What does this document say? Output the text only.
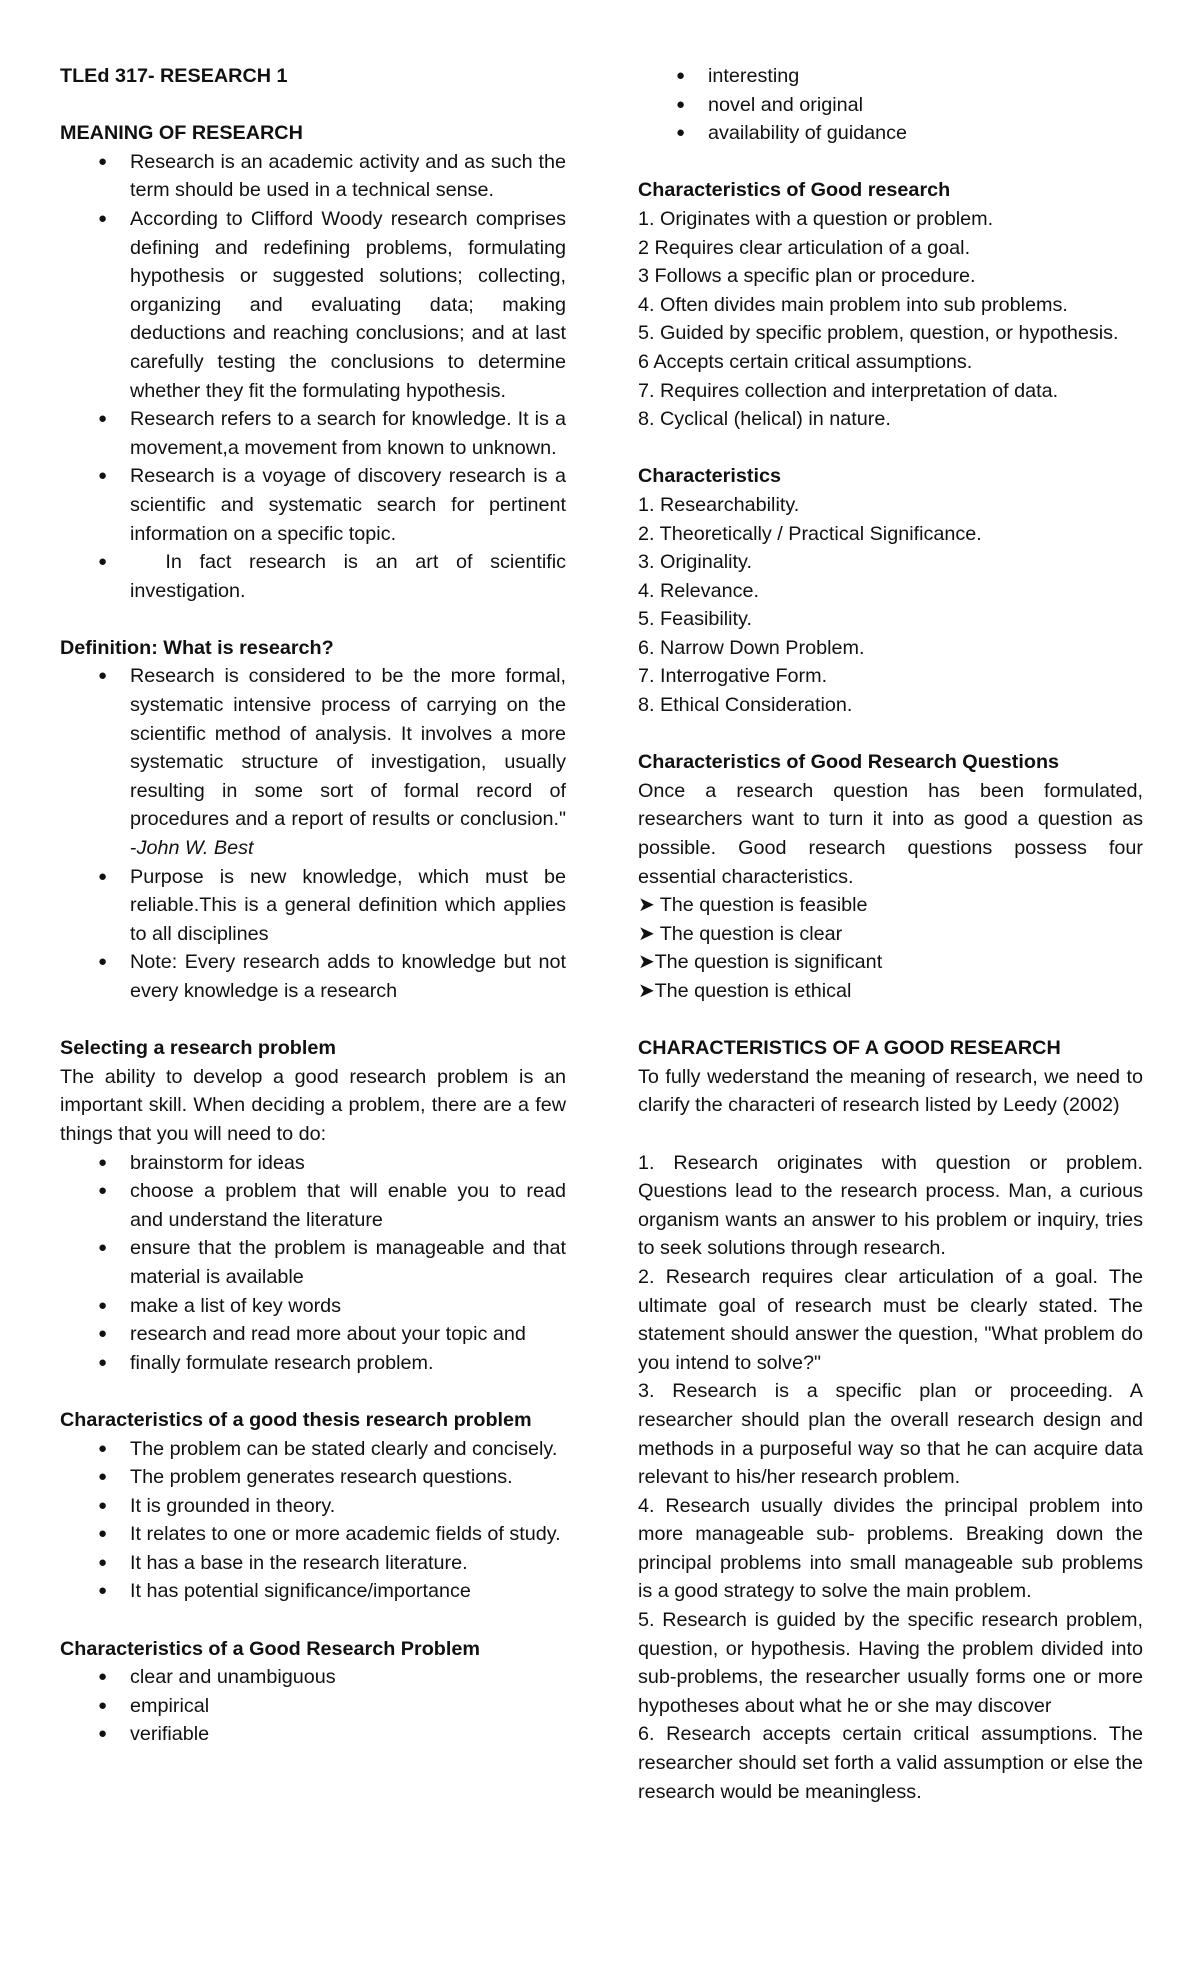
TLEd 317- RESEARCH 1

MEANING OF RESEARCH

● Research is an academic activity and as such the term should be used in a technical sense.
● According to Clifford Woody research comprises defining and redefining problems, formulating hypothesis or suggested solutions; collecting, organizing and evaluating data; making deductions and reaching conclusions; and at last carefully testing the conclusions to determine whether they fit the formulating hypothesis.
● Research refers to a search for knowledge. It is a movement,a movement from known to unknown.
● Research is a voyage of discovery research is a scientific and systematic search for pertinent information on a specific topic.
●   In fact research is an art of scientific investigation.

Definition: What is research?

● Research is considered to be the more formal, systematic intensive process of carrying on the scientific method of analysis. It involves a more systematic structure of investigation, usually resulting in some sort of formal record of procedures and a report of results or conclusion." -John W. Best
● Purpose is new knowledge, which must be reliable.This is a general definition which applies to all disciplines
● Note: Every research adds to knowledge but not every knowledge is a research

Selecting a research problem

The ability to develop a good research problem is an important skill. When deciding a problem, there are a few things that you will need to do:

● brainstorm for ideas
● choose a problem that will enable you to read and understand the literature
● ensure that the problem is manageable and that material is available
● make a list of key words
● research and read more about your topic and
● finally formulate research problem.

Characteristics of a good thesis research problem

● The problem can be stated clearly and concisely.
● The problem generates research questions.
● It is grounded in theory.
● It relates to one or more academic fields of study.
● It has a base in the research literature.
● It has potential significance/importance

Characteristics of a Good Research Problem

● clear and unambiguous
● empirical
● verifiable
● interesting
● novel and original
● availability of guidance

Characteristics of Good research

1. Originates with a question or problem.

2 Requires clear articulation of a goal.

3 Follows a specific plan or procedure.

4. Often divides main problem into sub problems.

5. Guided by specific problem, question, or hypothesis.

6 Accepts certain critical assumptions.

7. Requires collection and interpretation of data.

8. Cyclical (helical) in nature.

Characteristics

1. Researchability.

2. Theoretically / Practical Significance.

3. Originality.

4. Relevance.

5. Feasibility.

6. Narrow Down Problem.

7. Interrogative Form.

8. Ethical Consideration.

Characteristics of Good Research Questions

Once a research question has been formulated, researchers want to turn it into as good a question as possible. Good research questions possess four essential characteristics.

➤ The question is feasible

➤ The question is clear

➤The question is significant

➤The question is ethical

CHARACTERISTICS OF A GOOD RESEARCH

To fully wederstand the meaning of research, we need to clarify the characteri of research listed by Leedy (2002)

1. Research originates with question or problem. Questions lead to the research process. Man, a curious organism wants an answer to his problem or inquiry, tries to seek solutions through research.

2. Research requires clear articulation of a goal. The ultimate goal of research must be clearly stated. The statement should answer the question, "What problem do you intend to solve?"

3. Research is a specific plan or proceeding. A researcher should plan the overall research design and methods in a purposeful way so that he can acquire data relevant to his/her research problem.

4. Research usually divides the principal problem into more manageable sub- problems. Breaking down the principal problems into small manageable sub problems is a good strategy to solve the main problem.

5. Research is guided by the specific research problem, question, or hypothesis. Having the problem divided into sub-problems, the researcher usually forms one or more hypotheses about what he or she may discover

6. Research accepts certain critical assumptions. The researcher should set forth a valid assumption or else the research would be meaningless.
